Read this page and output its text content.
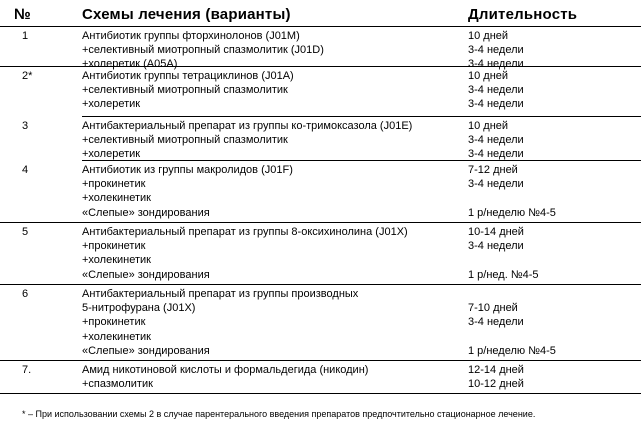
№	Схемы лечения (варианты)	Длительность
1	Антибиотик группы фторхинолонов (J01M)	10 дней
+селективный миотропный спазмолитик (J01D)	3-4 недели
+холеретик (A05A)	3-4 недели
2*	Антибиотик группы тетрациклинов (J01A)	10 дней
+селективный миотропный спазмолитик	3-4 недели
+холеретик	3-4 недели
3	Антибактериальный препарат из группы ко-тримоксазола (J01E)	10 дней
+селективный миотропный спазмолитик	3-4 недели
+холеретик	3-4 недели
4	Антибиотик из группы макролидов (J01F)	7-12 дней
+прокинетик	3-4 недели
+холекинетик
«Слепые» зондирования	1 р/неделю №4-5
5	Антибактериальный препарат из группы 8-оксихинолина (J01X)	10-14 дней
+прокинетик	3-4 недели
+холекинетик
«Слепые» зондирования	1 р/нед. №4-5
6	Антибактериальный препарат из группы производных
5-нитрофурана (J01X)	7-10 дней
+прокинетик	3-4 недели
+холекинетик
«Слепые» зондирования	1 р/неделю №4-5
7.	Амид никотиновой кислоты и формальдегида (никодин)	12-14 дней
+спазмолитик	10-12 дней
* – При использовании схемы 2 в случае парентерального введения препаратов предпочтительно стационарное лечение.
